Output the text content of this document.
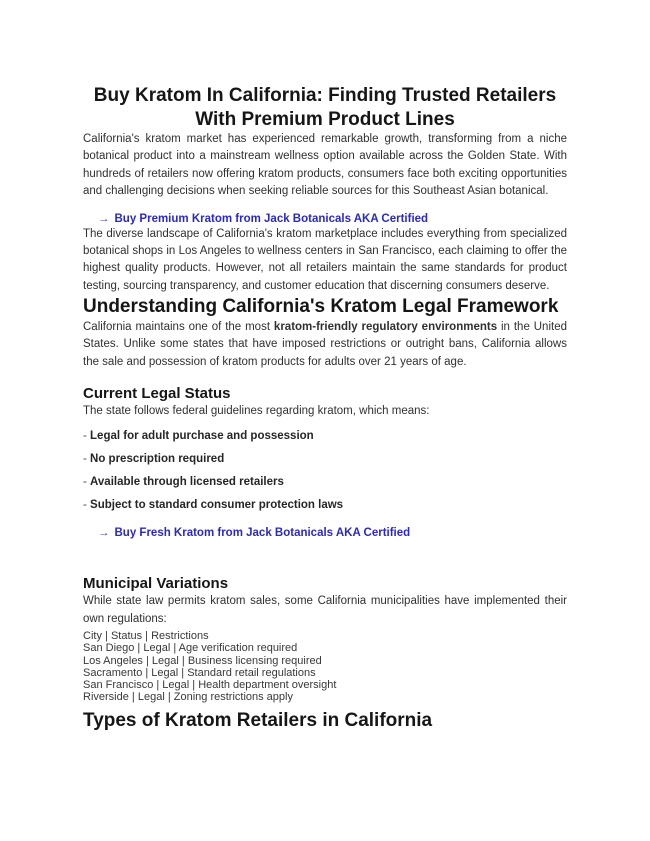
Buy Kratom In California: Finding Trusted Retailers With Premium Product Lines

California's kratom market has experienced remarkable growth, transforming from a niche botanical product into a mainstream wellness option available across the Golden State. With hundreds of retailers now offering kratom products, consumers face both exciting opportunities and challenging decisions when seeking reliable sources for this Southeast Asian botanical.

→ Buy Premium Kratom from Jack Botanicals AKA Certified

The diverse landscape of California's kratom marketplace includes everything from specialized botanical shops in Los Angeles to wellness centers in San Francisco, each claiming to offer the highest quality products. However, not all retailers maintain the same standards for product testing, sourcing transparency, and customer education that discerning consumers deserve.

Understanding California's Kratom Legal Framework

California maintains one of the most kratom-friendly regulatory environments in the United States. Unlike some states that have imposed restrictions or outright bans, California allows the sale and possession of kratom products for adults over 21 years of age.

Current Legal Status

The state follows federal guidelines regarding kratom, which means:

- Legal for adult purchase and possession
- No prescription required
- Available through licensed retailers
- Subject to standard consumer protection laws
→ Buy Fresh Kratom from Jack Botanicals AKA Certified
Municipal Variations

While state law permits kratom sales, some California municipalities have implemented their own regulations:

City | Status | Restrictions
San Diego | Legal | Age verification required
Los Angeles | Legal | Business licensing required
Sacramento | Legal | Standard retail regulations
San Francisco | Legal | Health department oversight
Riverside | Legal | Zoning restrictions apply
Types of Kratom Retailers in California
